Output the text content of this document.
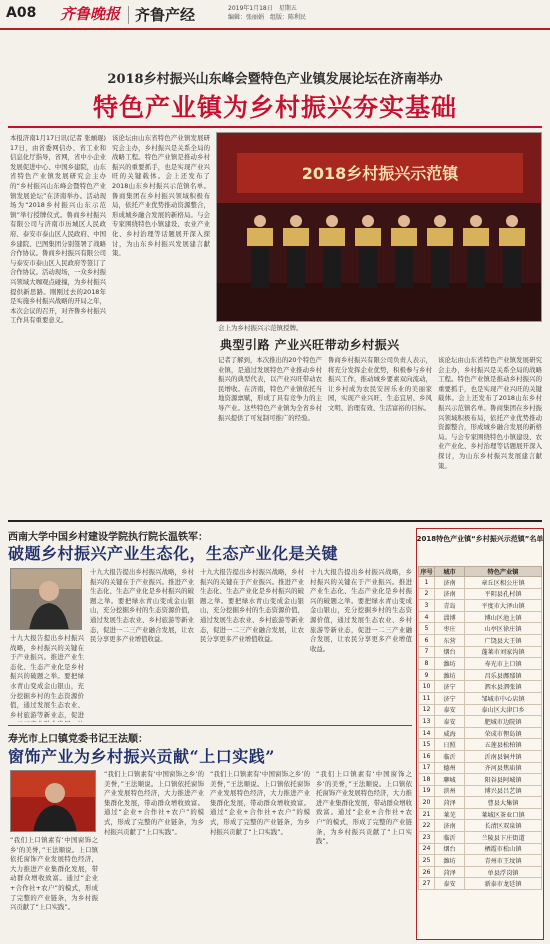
A08 齐鲁晚报 齐鲁产经	2019年1月18日 星期五
编辑：张丽娟 组版：陈利民
2018乡村振兴山东峰会暨特色产业镇发展论坛在济南举办
特色产业镇为乡村振兴夯实基础
本报济南1月17日讯(记者 张頔琨) 17日，由省委网信办、省工业和信息化厅指导，省网，省中小企业发展促进中心、中国乡建院，山东省特色产业镇发展研究会主办的“乡村振兴山东峰会暨特色产业镇发展论坛”在济南举办。活动现场为“2018乡村振兴山东示范镇”举行授牌仪式。鲁商乡村振兴有限公司与济南市历城区人民政府、泰安市泰山区人民政府、中国乡建院、巴图集团分别签署了战略合作协议。鲁商乡村振兴有限公司与泰安市泰山区人民政府等签订了合作协议。活动现场，一众乡村振兴领域大咖观点碰撞，为乡村振兴提供新思路。刚刚过去的2018年是实施乡村振兴战略的开局之年，本次会议的召开，对齐鲁乡村振兴工作具有重要意义。
该论坛由山东省特色产业镇发展研究会主办，乡村振兴是关系全局的战略工程。特色产业镇是推动乡村振兴的重要抓手，也是实现产业兴旺的关键载体。会上还发布了2018山东乡村振兴示范镇名单。鲁商集团在乡村振兴领域积极布局，依托产业优势推动资源整合，形成城乡融合发展的新格局。与会专家围绕特色小镇建设、农业产业化、乡村治理等话题展开深入探讨，为山东乡村振兴发展建言献策。
2018乡村振兴示范镇
会上为乡村振兴示范镇授牌。
典型引路 产业兴旺带动乡村振兴
记者了解到，本次推出的20个特色产业镇，是通过发展特色产业推动乡村振兴的典型代表，以产业兴旺带动农民增收。在济南，特色产业镇依托当地资源禀赋，形成了具有竞争力的主导产业。这些特色产业镇为全省乡村振兴提供了可复制可推广的经验。
鲁商乡村振兴有限公司负责人表示，将充分发挥企业优势，积极参与乡村振兴工作，推动城乡要素双向流动，让乡村成为农民安居乐业的美丽家园，实现产业兴旺、生态宜居、乡风文明、治理有效、生活富裕的目标。
该论坛由山东省特色产业镇发展研究会主办，乡村振兴是关系全局的战略工程。特色产业镇是推动乡村振兴的重要抓手，也是实现产业兴旺的关键载体。会上还发布了2018山东乡村振兴示范镇名单。鲁商集团在乡村振兴领域积极布局，依托产业优势推动资源整合，形成城乡融合发展的新格局。与会专家围绕特色小镇建设、农业产业化、乡村治理等话题展开深入探讨，为山东乡村振兴发展建言献策。
西南大学中国乡村建设学院执行院长温铁军：
破题乡村振兴产业生态化，生态产业化是关键
十九大报告提出乡村振兴战略，乡村振兴的关键在于产业振兴。推进产业生态化、生态产业化是乡村振兴的破题之举。要把绿水青山变成金山银山，充分挖掘乡村的生态资源价值，通过发展生态农业、乡村旅游等新业态，促进
十九大报告提出乡村振兴战略，乡村振兴的关键在于产业振兴。推进产业生态化、生态产业化是乡村振兴的破题之举。要把绿水青山变成金山银山，充分挖掘乡村的生态资源价值，通过发展生态农业、乡村旅游等新业态，促进一二三产业融合发展，让农民分享更多产业增值收益。
十九大报告提出乡村振兴战略，乡村振兴的关键在于产业振兴。推进产业生态化、生态产业化是乡村振兴的破题之举。要把绿水青山变成金山银山，充分挖掘乡村的生态资源价值，通过发展生态农业、乡村旅游等新业态，促进一二三产业融合发展，让农民分享更多产业增值收益。
十九大报告提出乡村振兴战略，乡村振兴的关键在于产业振兴。推进产业生态化、生态产业化是乡村振兴的破题之举。要把绿水青山变成金山银山，充分挖掘乡村的生态资源价值，通过发展生态农业、乡村旅游等新业态，促进一二三产业融合发展，让农民分享更多产业增值收益。
寿光市上口镇党委书记王法顺：
窗饰产业为乡村振兴贡献“上口实践”
“我们上口镇素有‘中国窗饰之乡’的美誉，”王法顺说。上口镇依托窗饰产业发展特色经济，大力推进产业集群化发展，带动群众增收致富。通过“企业+合作社+农户”的模式，形成了完整的产业链条，为乡村振兴贡献了“上口实践”。
“我们上口镇素有‘中国窗饰之乡’的美誉，”王法顺说。上口镇依托窗饰产业发展特色经济，大力推进产业集群化发展，带动群众增收致富。通过“企业+合作社+农户”的模式，形成了完整的产业链条，为乡村振兴贡献了“上口实践”。
“我们上口镇素有‘中国窗饰之乡’的美誉，”王法顺说。上口镇依托窗饰产业发展特色经济，大力推进产业集群化发展，带动群众增收致富。通过“企业+合作社+农户”的模式，形成了完整的产业链条，为乡村振兴贡献了“上口实践”。
“我们上口镇素有‘中国窗饰之乡’的美誉，”王法顺说。上口镇依托窗饰产业发展特色经济，大力推进产业集群化发展，带动群众增收致富。通过“企业+合作社+农户”的模式，形成了完整的产业链条，为乡村振兴贡献了“上口实践”。
2018特色产业镇“乡村振兴示范镇”名单
序号	城市	特色产业镇
1	济南	章丘区相公庄镇
2	济南	平阴县孔村镇
3	青岛	平度市大泽山镇
4	淄博	博山区池上镇
5	枣庄	山亭区徐庄镇
6	东营	广饶县大王镇
7	烟台	蓬莱市刘家沟镇
8	潍坊	寿光市上口镇
9	潍坊	昌乐县鄌郚镇
10	济宁	泗水县泗张镇
11	济宁	邹城市中心店镇
12	泰安	泰山区大津口乡
13	泰安	肥城市边院镇
14	威海	荣成市俚岛镇
15	日照	五莲县松柏镇
16	临沂	沂南县铜井镇
17	德州	齐河县焦庙镇
18	聊城	阳谷县阿城镇
19	滨州	博兴县吕艺镇
20	菏泽	曹县大集镇
21	莱芜	莱城区茶业口镇
22	济南	长清区双泉镇
23	临沂	兰陵县卞庄街道
24	烟台	栖霞市松山镇
25	潍坊	青州市王坟镇
26	菏泽	单县浮岗镇
27	泰安	新泰市龙廷镇
